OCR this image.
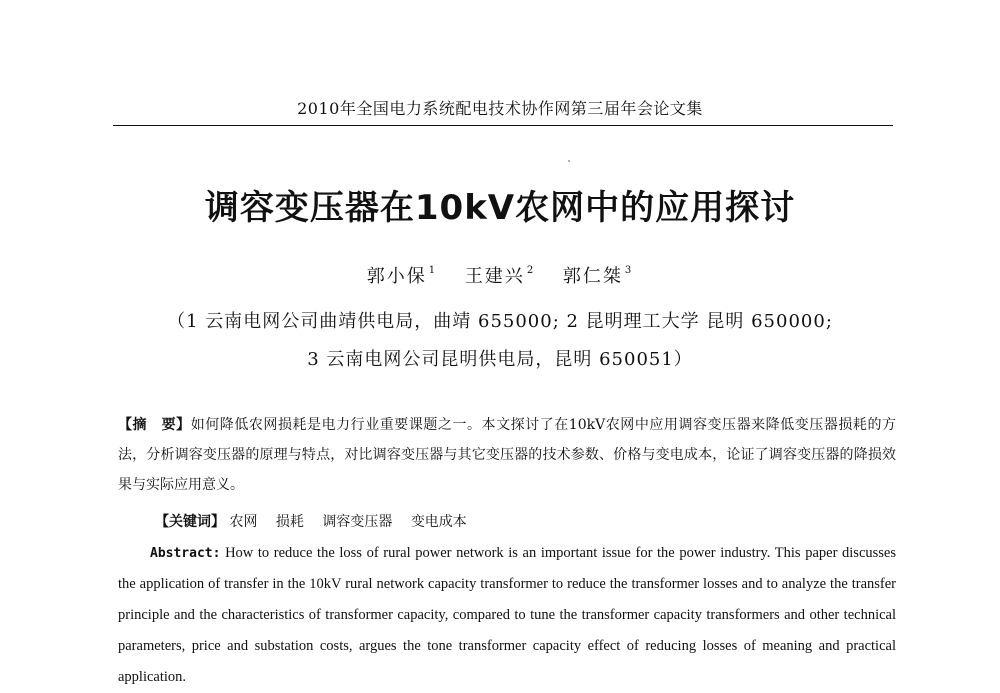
2010年全国电力系统配电技术协作网第三届年会论文集
调容变压器在10kV农网中的应用探讨
郭小保 $^1$ 王建兴 $^2$ 郭仁桀 $^3$
（1 云南电网公司曲靖供电局，曲靖 655000; 2 昆明理工大学 昆明 650000;
3 云南电网公司昆明供电局，昆明 650051）
【摘　要】如何降低农网损耗是电力行业重要课题之一。本文探讨了在10kV农网中应用调容变压器来降低变压器损耗的方法，分析调容变压器的原理与特点，对比调容变压器与其它变压器的技术参数、价格与变电成本，论证了调容变压器的降损效果与实际应用意义。
【关键词】 农网 损耗 调容变压器 变电成本
Abstract: How to reduce the loss of rural power network is an important issue for the power industry. This paper discusses the application of transfer in the 10kV rural network capacity transformer to reduce the transformer losses and to analyze the transfer principle and the characteristics of transformer capacity, compared to tune the transformer capacity transformers and other technical parameters, price and substation costs, argues the tone transformer capacity effect of reducing losses of meaning and practical application.
